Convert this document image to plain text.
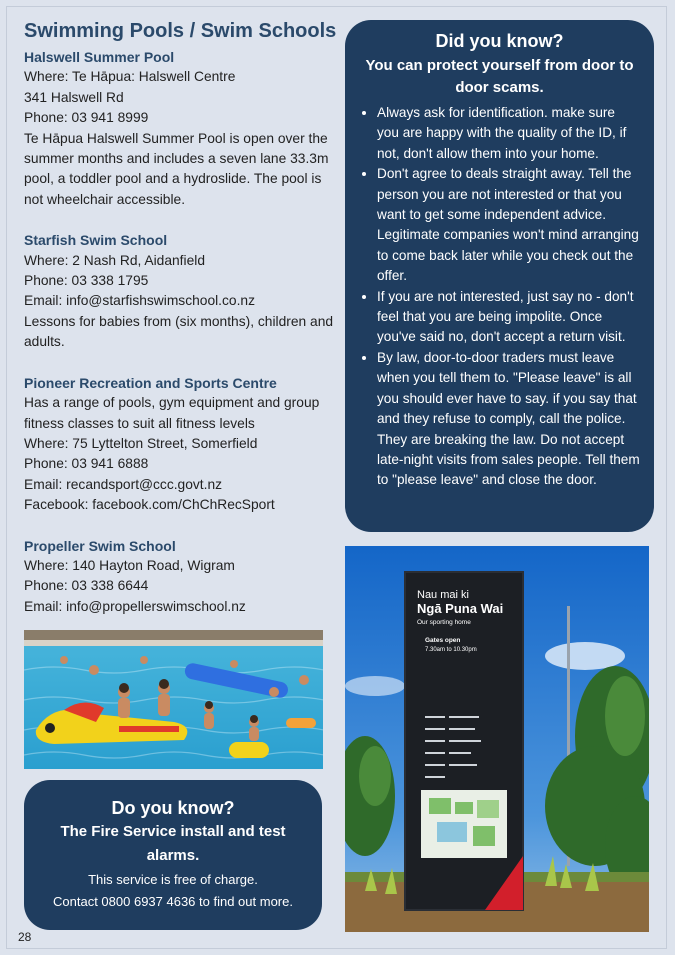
Swimming Pools / Swim Schools
Halswell Summer Pool
Where: Te Hāpua: Halswell Centre
341 Halswell Rd
Phone: 03 941 8999
Te Hāpua Halswell Summer Pool is open over the summer months and includes a seven lane 33.3m pool, a toddler pool and a hydroslide. The pool is not wheelchair accessible.
Starfish Swim School
Where: 2 Nash Rd, Aidanfield
Phone: 03 338 1795
Email: info@starfishswimschool.co.nz
Lessons for babies from (six months), children and adults.
Pioneer Recreation and Sports Centre
Has a range of pools, gym equipment and group fitness classes to suit all fitness levels
Where: 75 Lyttelton Street, Somerfield
Phone: 03 941 6888
Email: recandsport@ccc.govt.nz
Facebook: facebook.com/ChChRecSport
Propeller Swim School
Where: 140 Hayton Road, Wigram
Phone: 03 338 6644
Email: info@propellerswimschool.nz
Do you know?
The Fire Service install and test alarms.
This service is free of charge.
Contact 0800 6937 4636 to find out more.
Did you know?
You can protect yourself from door to door scams.
• Always ask for identification. make sure you are happy with the quality of the ID, if not, don't allow them into your home.
• Don't agree to deals straight away. Tell the person you are not interested or that you want to get some independent advice. Legitimate companies won't mind arranging to come back later while you check out the offer.
• If you are not interested, just say no - don't feel that you are being impolite. Once you've said no, don't accept a return visit.
• By law, door-to-door traders must leave when you tell them to. "Please leave" is all you should ever have to say. if you say that and they refuse to comply, call the police. They are breaking the law. Do not accept late-night visits from sales people. Tell them to "please leave" and close the door.
Nau mai ki
Ngā Puna Wai
Our sporting home
Gates open
7.30am to 10.30pm
28
